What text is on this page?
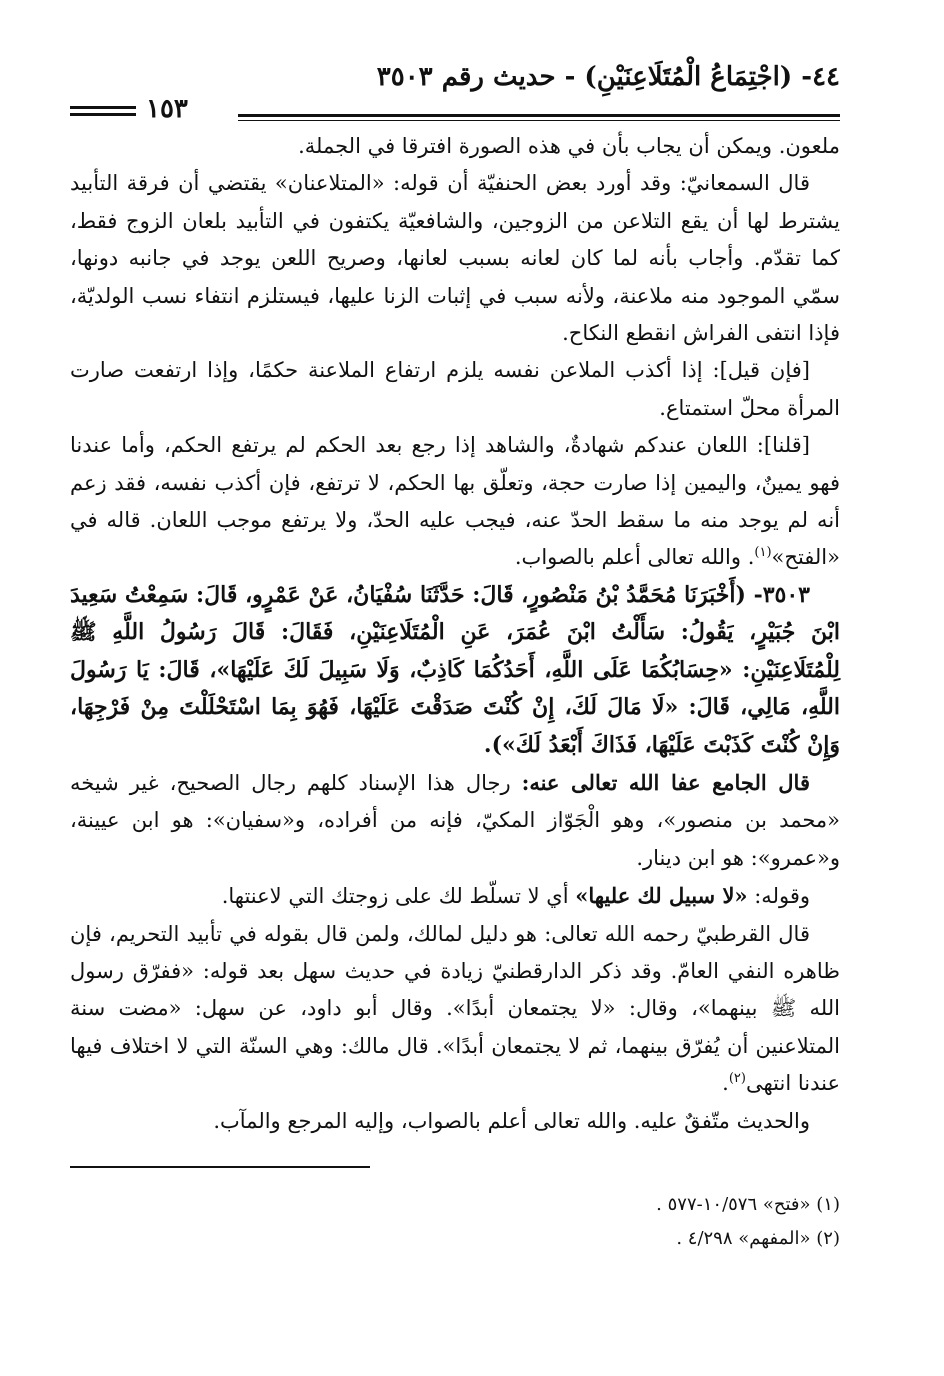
٤٤- (اجْتِمَاعُ الْمُتَلَاعِنَيْنِ) - حديث رقم ٣٥٠٣
١٥٣

ملعون. ويمكن أن يجاب بأن في هذه الصورة افترقا في الجملة.

قال السمعانيّ: وقد أورد بعض الحنفيّة أن قوله: «المتلاعنان» يقتضي أن فرقة التأبيد يشترط لها أن يقع التلاعن من الزوجين، والشافعيّة يكتفون في التأبيد بلعان الزوج فقط، كما تقدّم. وأجاب بأنه لما كان لعانه بسبب لعانها، وصريح اللعن يوجد في جانبه دونها، سمّي الموجود منه ملاعنة، ولأنه سبب في إثبات الزنا عليها، فيستلزم انتفاء نسب الولديّة، فإذا انتفى الفراش انقطع النكاح.

[فإن قيل]: إذا أكذب الملاعن نفسه يلزم ارتفاع الملاعنة حكمًا، وإذا ارتفعت صارت المرأة محلّ استمتاع.

[قلنا]: اللعان عندكم شهادةٌ، والشاهد إذا رجع بعد الحكم لم يرتفع الحكم، وأما عندنا فهو يمينٌ، واليمين إذا صارت حجة، وتعلّق بها الحكم، لا ترتفع، فإن أكذب نفسه، فقد زعم أنه لم يوجد منه ما سقط الحدّ عنه، فيجب عليه الحدّ، ولا يرتفع موجب اللعان. قاله في «الفتح»$^{(١)}$. والله تعالى أعلم بالصواب.

٣٥٠٣- (أَخْبَرَنَا مُحَمَّدُ بْنُ مَنْصُورٍ، قَالَ: حَدَّثَنَا سُفْيَانُ، عَنْ عَمْرٍو، قَالَ: سَمِعْتُ سَعِيدَ ابْنَ جُبَيْرٍ، يَقُولُ: سَأَلْتُ ابْنَ عُمَرَ، عَنِ الْمُتَلَاعِنَيْنِ، فَقَالَ: قَالَ رَسُولُ اللَّهِ ﷺ لِلْمُتَلَاعِنَيْنِ: «حِسَابُكُمَا عَلَى اللَّهِ، أَحَدُكُمَا كَاذِبٌ، وَلَا سَبِيلَ لَكَ عَلَيْهَا»، قَالَ: يَا رَسُولَ اللَّهِ، مَالِي، قَالَ: «لَا مَالَ لَكَ، إِنْ كُنْتَ صَدَقْتَ عَلَيْهَا، فَهُوَ بِمَا اسْتَحْلَلْتَ مِنْ فَرْجِهَا، وَإِنْ كُنْتَ كَذَبْتَ عَلَيْهَا، فَذَاكَ أَبْعَدُ لَكَ»).

قال الجامع عفا الله تعالى عنه: رجال هذا الإسناد كلهم رجال الصحيح، غير شيخه «محمد بن منصور»، وهو الْجَوّاز المكيّ، فإنه من أفراده، و«سفيان»: هو ابن عيينة، و«عمرو»: هو ابن دينار.

وقوله: «لا سبيل لك عليها» أي لا تسلّط لك على زوجتك التي لاعنتها.

قال القرطبيّ رحمه الله تعالى: هو دليل لمالك، ولمن قال بقوله في تأبيد التحريم، فإن ظاهره النفي العامّ. وقد ذكر الدارقطنيّ زيادة في حديث سهل بعد قوله: «ففرّق رسول الله ﷺ بينهما»، وقال: «لا يجتمعان أبدًا». وقال أبو داود، عن سهل: «مضت سنة المتلاعنين أن يُفرّق بينهما، ثم لا يجتمعان أبدًا». قال مالك: وهي السنّة التي لا اختلاف فيها عندنا انتهى$^{(٢)}$.

والحديث متّفقٌ عليه. والله تعالى أعلم بالصواب، وإليه المرجع والمآب.

(١) «فتح» ١٠/٥٧٦-٥٧٧ .

(٢) «المفهم» ٤/٢٩٨ .
